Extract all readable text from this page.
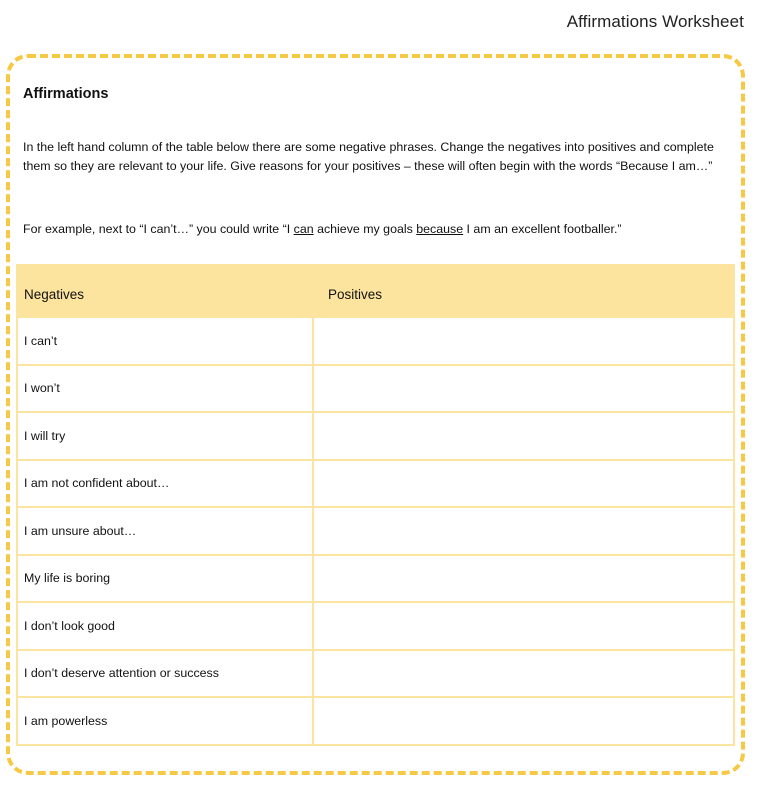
Affirmations Worksheet
Affirmations

In the left hand column of the table below there are some negative phrases. Change the negatives into positives and complete them so they are relevant to your life. Give reasons for your positives – these will often begin with the words “Because I am…”

For example, next to “I can’t…” you could write “I can achieve my goals because I am an excellent footballer.”

Negatives	Positives
I can’t	
I won’t	
I will try	
I am not confident about…	
I am unsure about…	
My life is boring	
I don’t look good	
I don’t deserve attention or success	
I am powerless	
